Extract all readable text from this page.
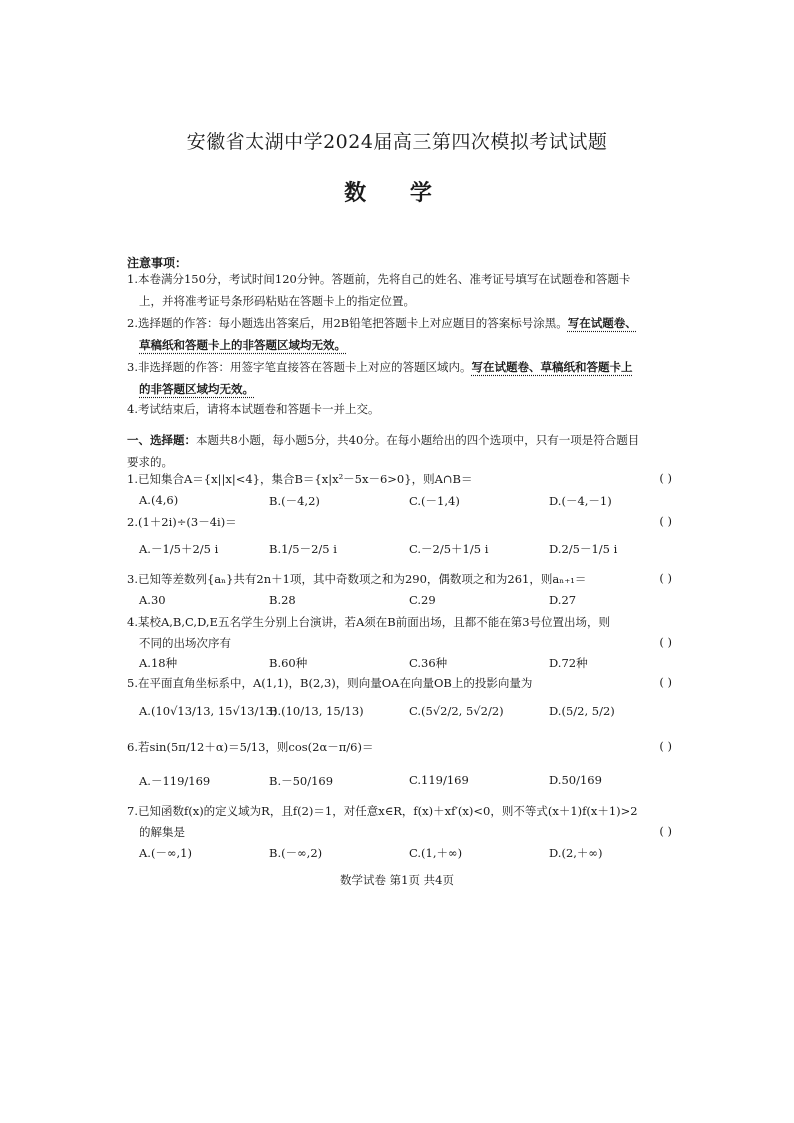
安徽省太湖中学2024届高三第四次模拟考试试题
数 学
注意事项：
1.本卷满分150分，考试时间120分钟。答题前，先将自己的姓名、准考证号填写在试题卷和答题卡
上，并将准考证号条形码粘贴在答题卡上的指定位置。
2.选择题的作答：每小题选出答案后，用2B铅笔把答题卡上对应题目的答案标号涂黑。写在试题卷、
草稿纸和答题卡上的非答题区域均无效。
3.非选择题的作答：用签字笔直接答在答题卡上对应的答题区域内。写在试题卷、草稿纸和答题卡上
的非答题区域均无效。
4.考试结束后，请将本试题卷和答题卡一并上交。
一、选择题：本题共8小题，每小题5分，共40分。在每小题给出的四个选项中，只有一项是符合题目
要求的。
1.已知集合A＝{x||x|<4}，集合B＝{x|x²－5x－6>0}，则A∩B＝	( )
A.(4,6)	B.(－4,2)	C.(－1,4)	D.(－4,－1)
2.(1＋2i)÷(3－4i)＝	( )
A.－1/5＋2/5 i	B.1/5－2/5 i	C.－2/5＋1/5 i	D.2/5－1/5 i
3.已知等差数列{aₙ}共有2n＋1项，其中奇数项之和为290，偶数项之和为261，则aₙ₊₁＝	( )
A.30	B.28	C.29	D.27
4.某校A,B,C,D,E五名学生分别上台演讲，若A须在B前面出场，且都不能在第3号位置出场，则
不同的出场次序有	( )
A.18种	B.60种	C.36种	D.72种
5.在平面直角坐标系中，A(1,1)，B(2,3)，则向量OA在向量OB上的投影向量为	( )
A.(10√13/13, 15√13/13)
B.(10/13, 15/13)	C.(5√2/2, 5√2/2)	D.(5/2, 5/2)
6.若sin(5π/12＋α)＝5/13，则cos(2α－π/6)＝	( )
A.－119/169	B.－50/169	C.119/169	D.50/169
7.已知函数f(x)的定义域为R，且f(2)＝1，对任意x∈R，f(x)＋xf′(x)<0，则不等式(x＋1)f(x＋1)>2
的解集是	( )
A.(－∞,1)	B.(－∞,2)	C.(1,＋∞)	D.(2,＋∞)
数学试卷 第1页 共4页
